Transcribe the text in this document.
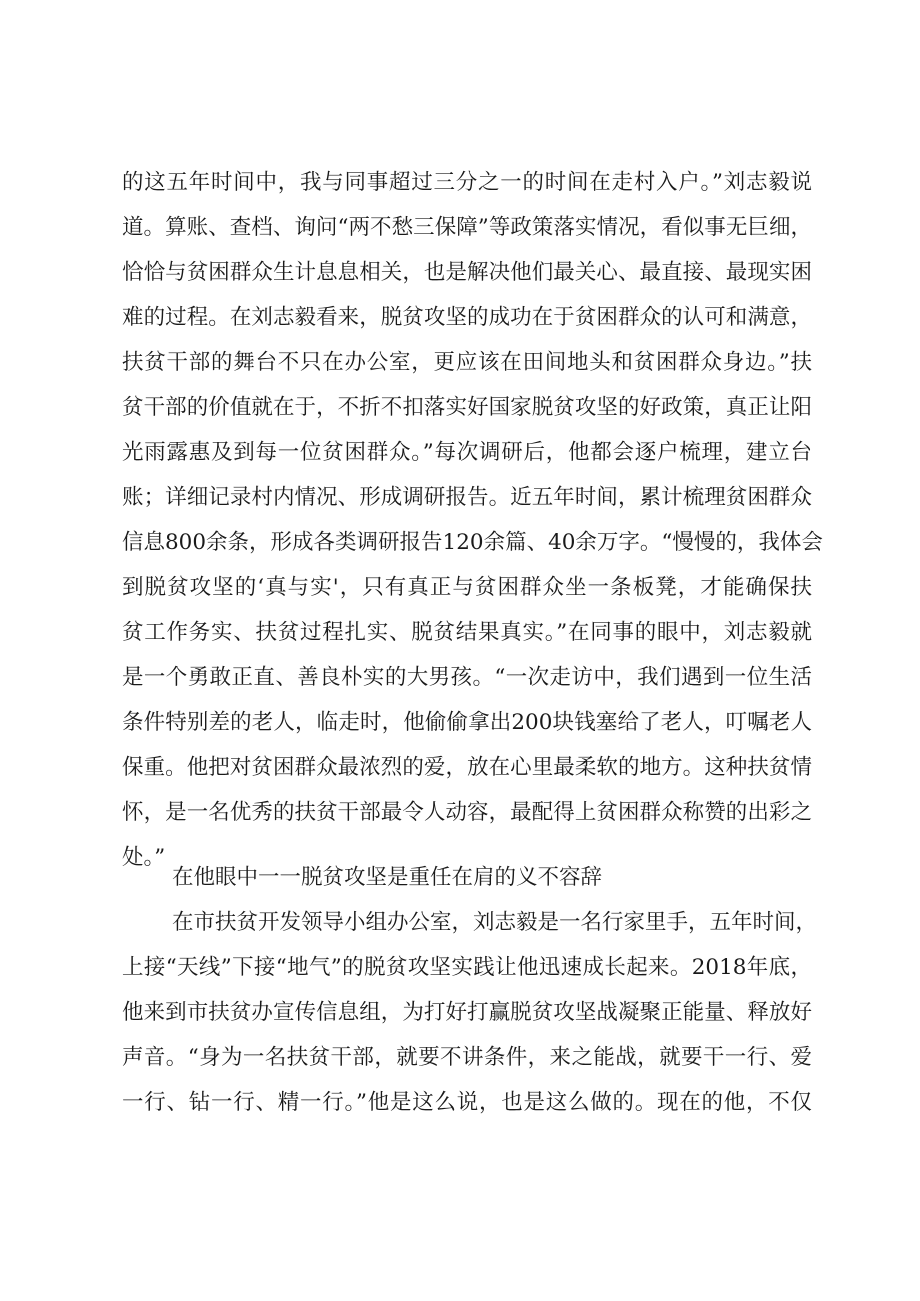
的这五年时间中，我与同事超过三分之一的时间在走村入户。”刘志毅说
道。算账、查档、询问“两不愁三保障”等政策落实情况，看似事无巨细，
恰恰与贫困群众生计息息相关，也是解决他们最关心、最直接、最现实困
难的过程。在刘志毅看来，脱贫攻坚的成功在于贫困群众的认可和满意，
扶贫干部的舞台不只在办公室，更应该在田间地头和贫困群众身边。”扶
贫干部的价值就在于，不折不扣落实好国家脱贫攻坚的好政策，真正让阳
光雨露惠及到每一位贫困群众。”每次调研后，他都会逐户梳理，建立台
账；详细记录村内情况、形成调研报告。近五年时间，累计梳理贫困群众
信息800余条，形成各类调研报告120余篇、40余万字。“慢慢的，我体会
到脱贫攻坚的‘真与实'，只有真正与贫困群众坐一条板凳，才能确保扶
贫工作务实、扶贫过程扎实、脱贫结果真实。”在同事的眼中，刘志毅就
是一个勇敢正直、善良朴实的大男孩。“一次走访中，我们遇到一位生活
条件特别差的老人，临走时，他偷偷拿出200块钱塞给了老人，叮嘱老人
保重。他把对贫困群众最浓烈的爱，放在心里最柔软的地方。这种扶贫情
怀，是一名优秀的扶贫干部最令人动容，最配得上贫困群众称赞的出彩之
处。”
在他眼中一一脱贫攻坚是重任在肩的义不容辞
在市扶贫开发领导小组办公室，刘志毅是一名行家里手，五年时间，
上接“天线”下接“地气”的脱贫攻坚实践让他迅速成长起来。2018年底，
他来到市扶贫办宣传信息组，为打好打赢脱贫攻坚战凝聚正能量、释放好
声音。“身为一名扶贫干部，就要不讲条件，来之能战，就要干一行、爱
一行、钻一行、精一行。”他是这么说，也是这么做的。现在的他，不仅
